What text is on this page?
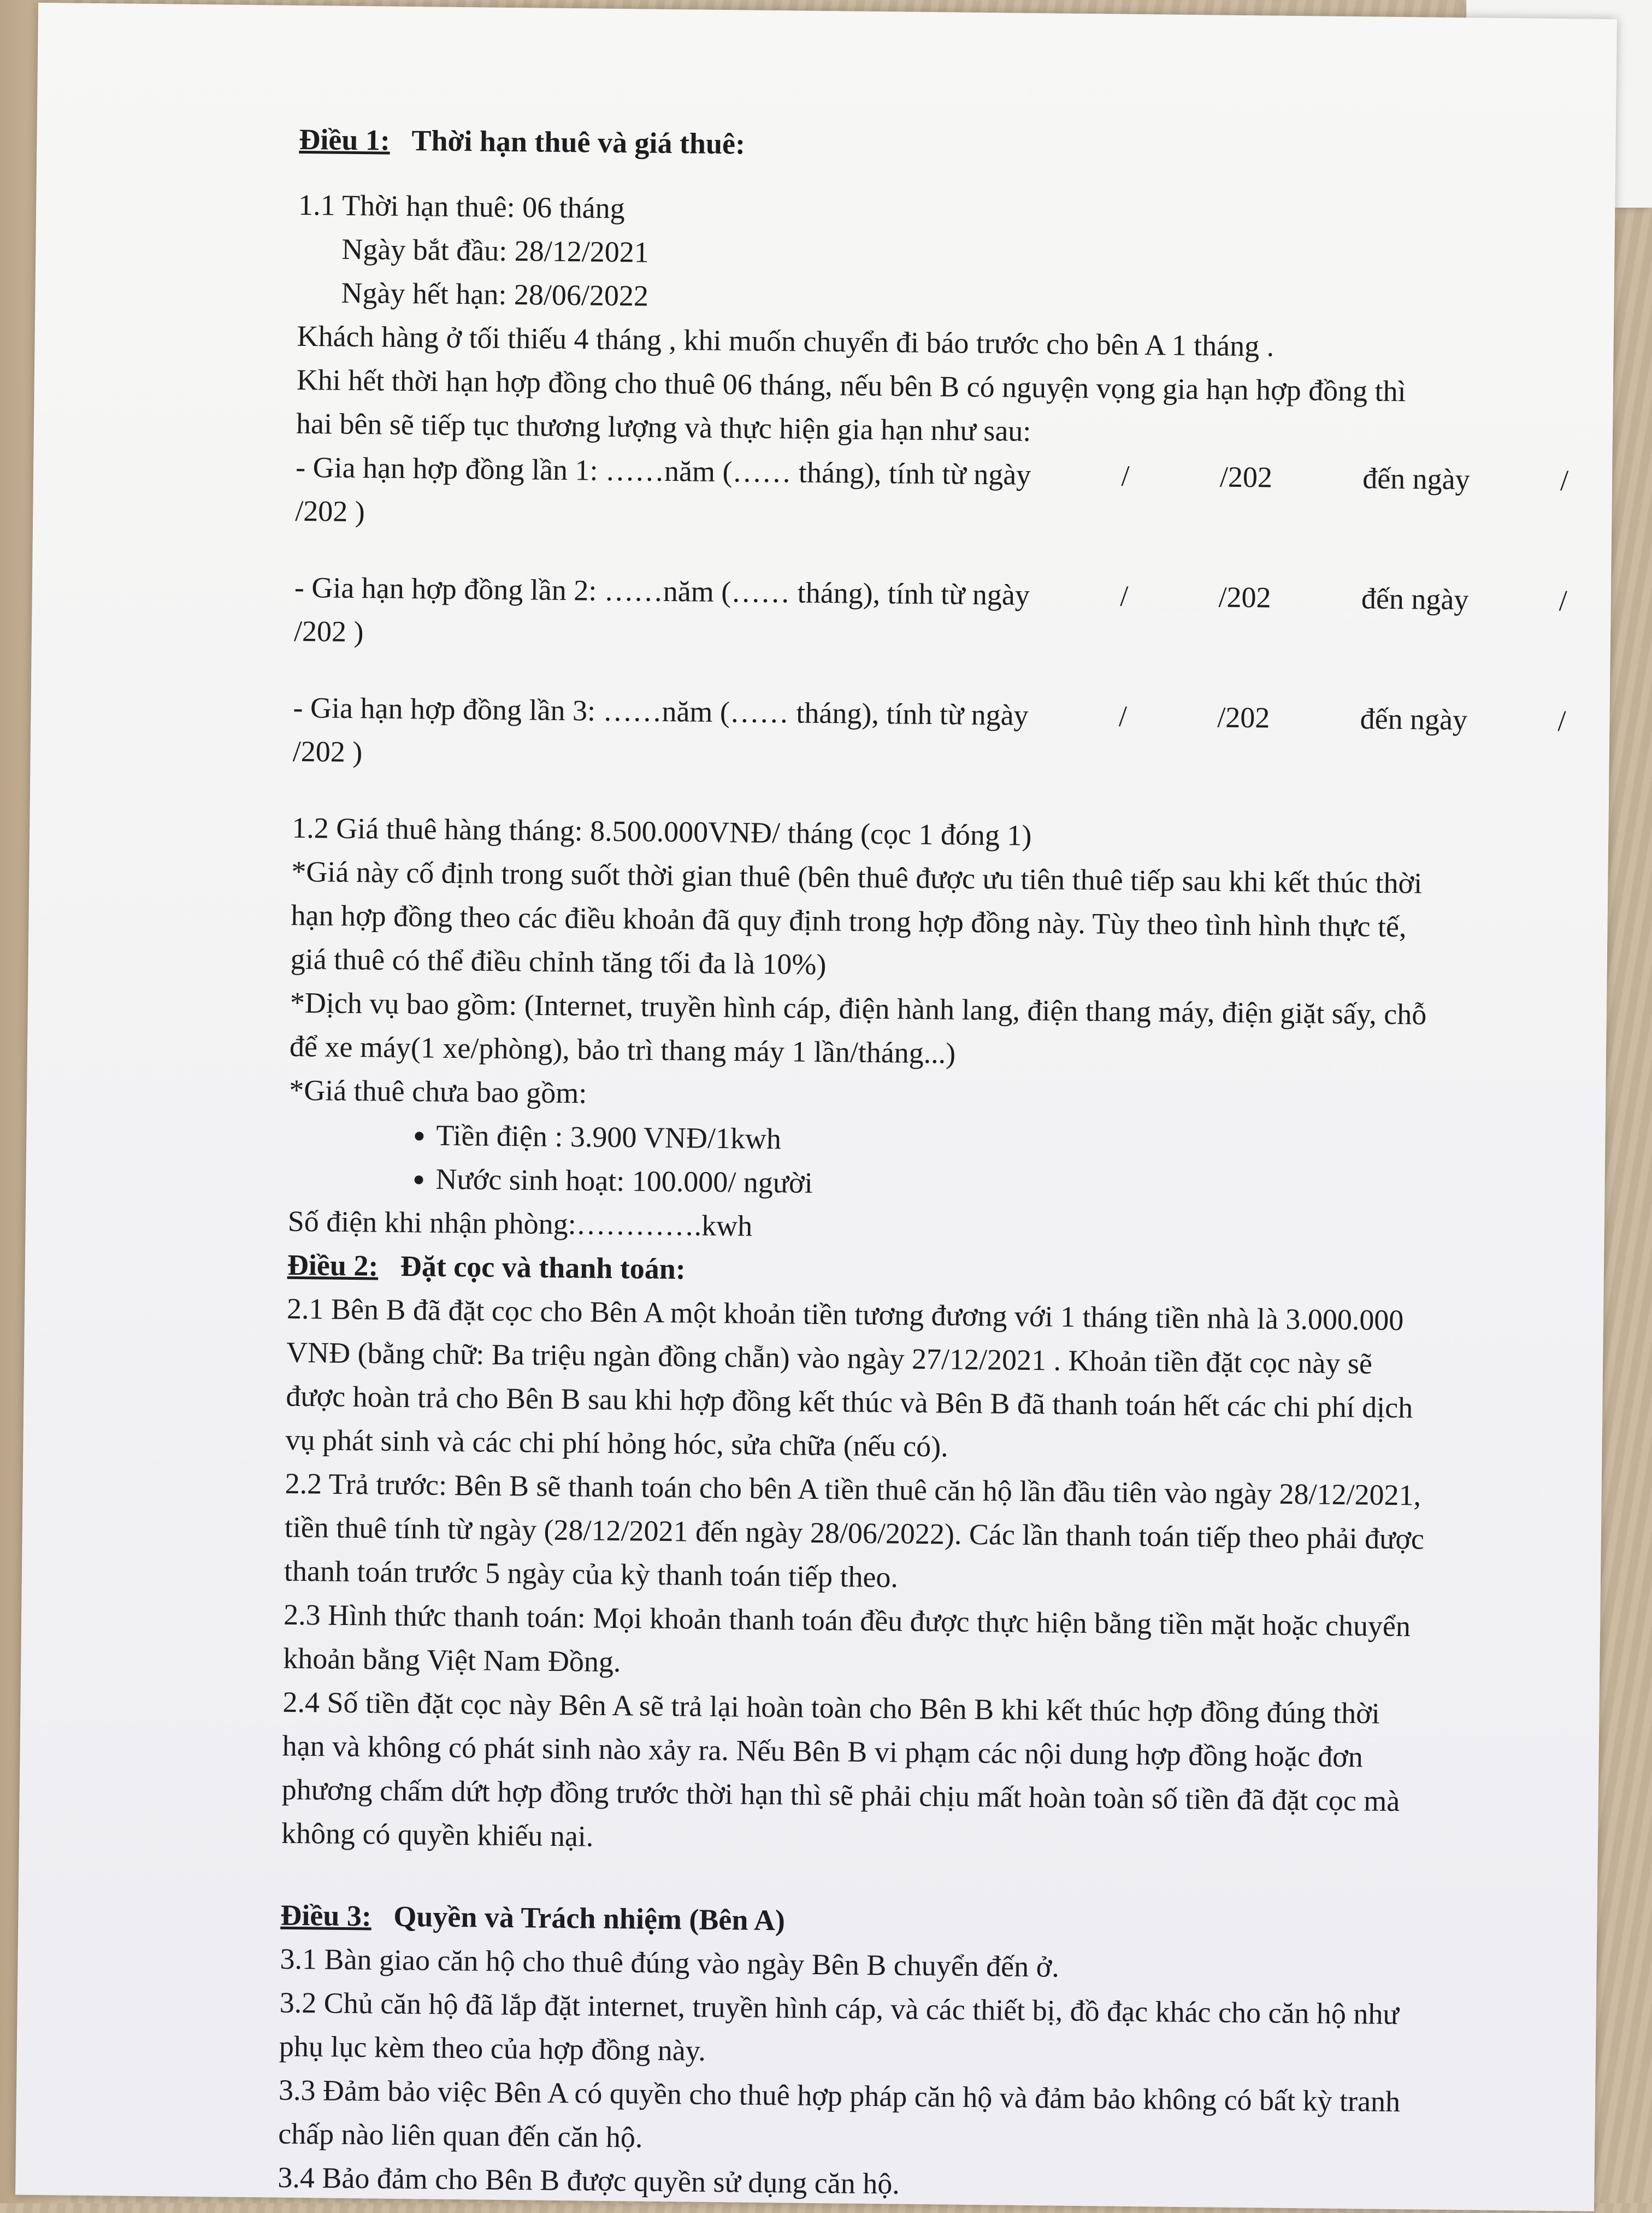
Điều 1: Thời hạn thuê và giá thuê:
1.1 Thời hạn thuê: 06 tháng
Ngày bắt đầu: 28/12/2021
Ngày hết hạn: 28/06/2022
Khách hàng ở tối thiếu 4 tháng , khi muốn chuyển đi báo trước cho bên A 1 tháng .
Khi hết thời hạn hợp đồng cho thuê 06 tháng, nếu bên B có nguyện vọng gia hạn hợp đồng thì
hai bên sẽ tiếp tục thương lượng và thực hiện gia hạn như sau:
- Gia hạn hợp đồng lần 1: ……năm (…… tháng), tính từ ngày	/	/202	đến ngày	/
/202 )
- Gia hạn hợp đồng lần 2: ……năm (…… tháng), tính từ ngày	/	/202	đến ngày	/
/202 )
- Gia hạn hợp đồng lần 3: ……năm (…… tháng), tính từ ngày	/	/202	đến ngày	/
/202 )
1.2 Giá thuê hàng tháng: 8.500.000VNĐ/ tháng (cọc 1 đóng 1)
*Giá này cố định trong suốt thời gian thuê (bên thuê được ưu tiên thuê tiếp sau khi kết thúc thời
hạn hợp đồng theo các điều khoản đã quy định trong hợp đồng này. Tùy theo tình hình thực tế,
giá thuê có thể điều chỉnh tăng tối đa là 10%)
*Dịch vụ bao gồm: (Internet, truyền hình cáp, điện hành lang, điện thang máy, điện giặt sấy, chỗ
để xe máy(1 xe/phòng), bảo trì thang máy 1 lần/tháng...)
*Giá thuê chưa bao gồm:
• Tiền điện : 3.900 VNĐ/1kwh
• Nước sinh hoạt: 100.000/ người
Số điện khi nhận phòng:………….kwh
Điều 2: Đặt cọc và thanh toán:
2.1 Bên B đã đặt cọc cho Bên A một khoản tiền tương đương với 1 tháng tiền nhà là 3.000.000
VNĐ (bằng chữ: Ba triệu ngàn đồng chẵn) vào ngày 27/12/2021 . Khoản tiền đặt cọc này sẽ
được hoàn trả cho Bên B sau khi hợp đồng kết thúc và Bên B đã thanh toán hết các chi phí dịch
vụ phát sinh và các chi phí hỏng hóc, sửa chữa (nếu có).
2.2 Trả trước: Bên B sẽ thanh toán cho bên A tiền thuê căn hộ lần đầu tiên vào ngày 28/12/2021,
tiền thuê tính từ ngày (28/12/2021 đến ngày 28/06/2022). Các lần thanh toán tiếp theo phải được
thanh toán trước 5 ngày của kỳ thanh toán tiếp theo.
2.3 Hình thức thanh toán: Mọi khoản thanh toán đều được thực hiện bằng tiền mặt hoặc chuyển
khoản bằng Việt Nam Đồng.
2.4 Số tiền đặt cọc này Bên A sẽ trả lại hoàn toàn cho Bên B khi kết thúc hợp đồng đúng thời
hạn và không có phát sinh nào xảy ra. Nếu Bên B vi phạm các nội dung hợp đồng hoặc đơn
phương chấm dứt hợp đồng trước thời hạn thì sẽ phải chịu mất hoàn toàn số tiền đã đặt cọc mà
không có quyền khiếu nại.
Điều 3: Quyền và Trách nhiệm (Bên A)
3.1 Bàn giao căn hộ cho thuê đúng vào ngày Bên B chuyển đến ở.
3.2 Chủ căn hộ đã lắp đặt internet, truyền hình cáp, và các thiết bị, đồ đạc khác cho căn hộ như
phụ lục kèm theo của hợp đồng này.
3.3 Đảm bảo việc Bên A có quyền cho thuê hợp pháp căn hộ và đảm bảo không có bất kỳ tranh
chấp nào liên quan đến căn hộ.
3.4 Bảo đảm cho Bên B được quyền sử dụng căn hộ.
